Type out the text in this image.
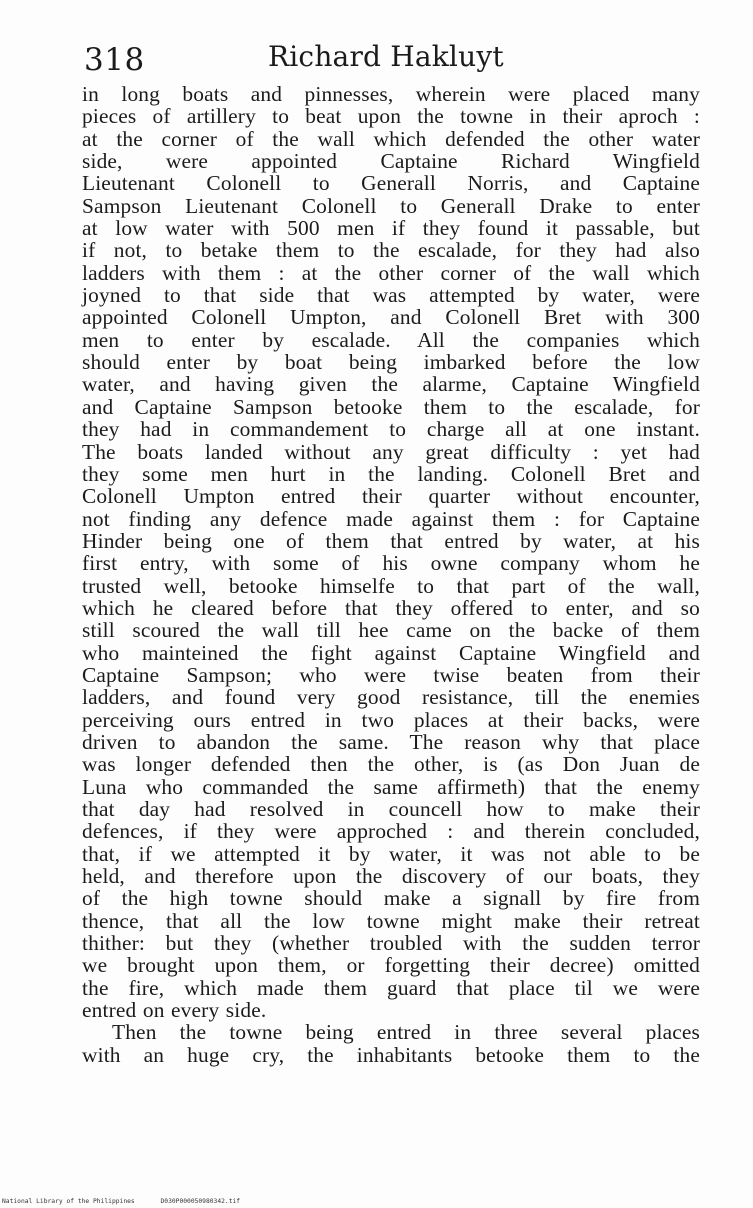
318	Richard Hakluyt
in long boats and pinnesses, wherein were placed many
pieces of artillery to beat upon the towne in their aproch :
at the corner of the wall which defended the other water
side, were appointed Captaine Richard Wingfield
Lieutenant Colonell to Generall Norris, and Captaine
Sampson Lieutenant Colonell to Generall Drake to enter
at low water with 500 men if they found it passable, but
if not, to betake them to the escalade, for they had also
ladders with them : at the other corner of the wall which
joyned to that side that was attempted by water, were
appointed Colonell Umpton, and Colonell Bret with 300
men to enter by escalade. All the companies which
should enter by boat being imbarked before the low
water, and having given the alarme, Captaine Wingfield
and Captaine Sampson betooke them to the escalade, for
they had in commandement to charge all at one instant.
The boats landed without any great difficulty : yet had
they some men hurt in the landing. Colonell Bret and
Colonell Umpton entred their quarter without encounter,
not finding any defence made against them : for Captaine
Hinder being one of them that entred by water, at his
first entry, with some of his owne company whom he
trusted well, betooke himselfe to that part of the wall,
which he cleared before that they offered to enter, and so
still scoured the wall till hee came on the backe of them
who mainteined the fight against Captaine Wingfield and
Captaine Sampson; who were twise beaten from their
ladders, and found very good resistance, till the enemies
perceiving ours entred in two places at their backs, were
driven to abandon the same. The reason why that place
was longer defended then the other, is (as Don Juan de
Luna who commanded the same affirmeth) that the enemy
that day had resolved in councell how to make their
defences, if they were approched : and therein concluded,
that, if we attempted it by water, it was not able to be
held, and therefore upon the discovery of our boats, they
of the high towne should make a signall by fire from
thence, that all the low towne might make their retreat
thither: but they (whether troubled with the sudden terror
we brought upon them, or forgetting their decree) omitted
the fire, which made them guard that place til we were
entred on every side.
Then the towne being entred in three several places
with an huge cry, the inhabitants betooke them to the
National Library of the Philippines	D030P000050980342.tif
